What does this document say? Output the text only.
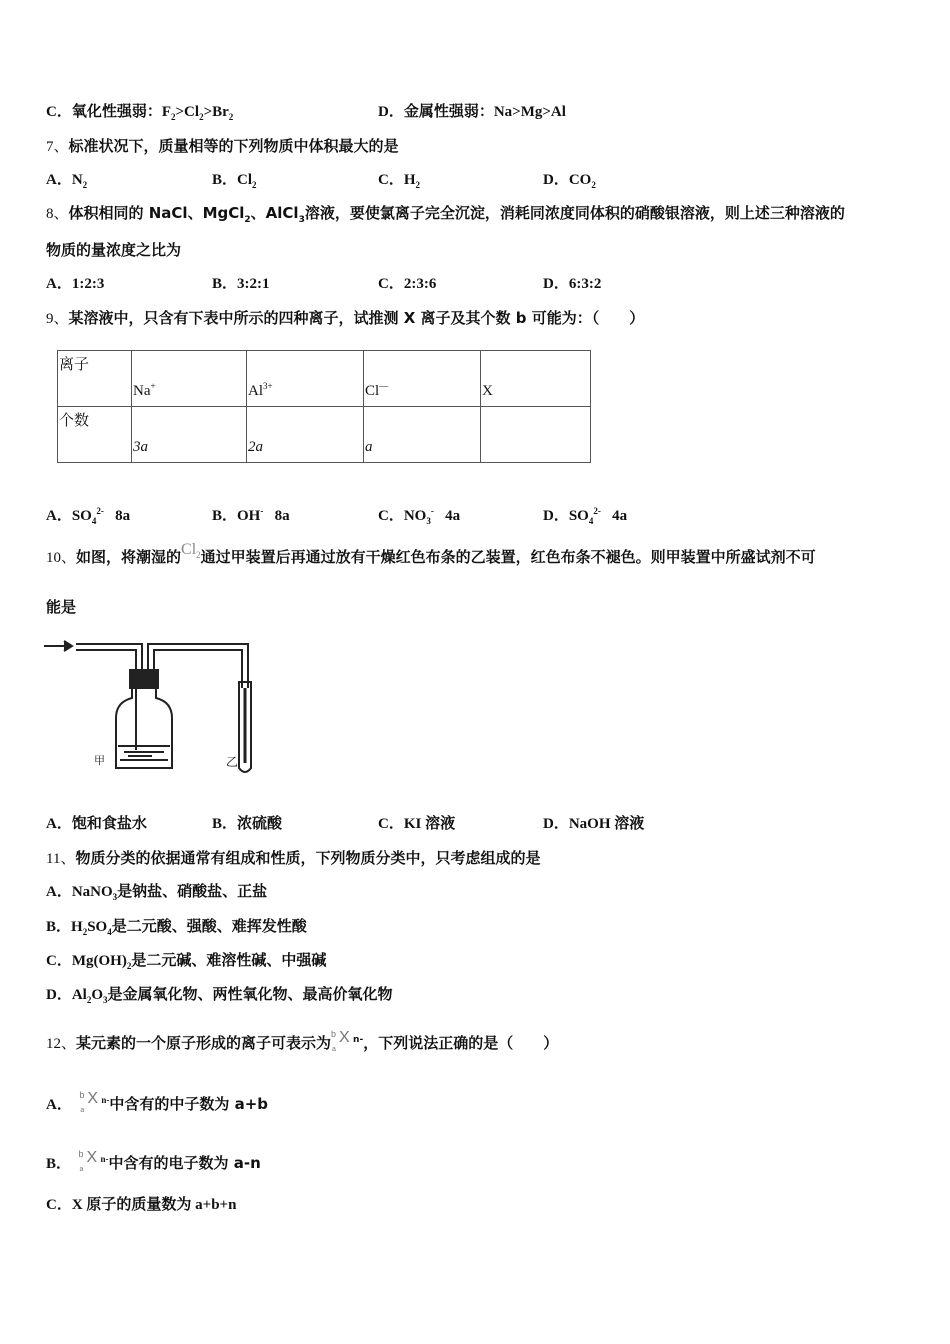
C．氧化性强弱：$F_2>Cl_2>Br_2$	D．金属性强弱：Na>Mg>Al
7、标准状况下，质量相等的下列物质中体积最大的是
A．$N_2$	B．$Cl_2$	C．$H_2$	D．$CO_2$
8、体积相同的 NaCl、MgCl$_2$、AlCl$_3$溶液，要使氯离子完全沉淀，消耗同浓度同体积的硝酸银溶液，则上述三种溶液的
物质的量浓度之比为
A．1:2:3	B．3:2:1	C．2:3:6	D．6:3:2
9、某溶液中，只含有下表中所示的四种离子，试推测 X 离子及其个数 b 可能为：（　　）
离子	Na+	$Al^{3+}$	Cl—	X

个数	3a	2a	a	

A．$SO_4^{2-}$ 8a	B．OH- 8a	C．$NO_3^-$ 4a	D．$SO_4^{2-}$ 4a
10、如图，将潮湿的$Cl_2$通过甲装置后再通过放有干燥红色布条的乙装置，红色布条不褪色。则甲装置中所盛试剂不可
能是
甲	乙
A．饱和食盐水	B．浓硫酸	C．KI 溶液	D．NaOH 溶液
11、物质分类的依据通常有组成和性质，下列物质分类中，只考虑组成的是
A．NaNO$_3$是钠盐、硝酸盐、正盐
B．$H_2SO_4$是二元酸、强酸、难挥发性酸
C．$Mg(OH)_2$是二元碱、难溶性碱、中强碱
D．$Al_2O_3$是金属氧化物、两性氧化物、最高价氧化物
12、某元素的一个原子形成的离子可表示为 b
a
X $^{n-}$，下列说法正确的是（　　）
A．
b
a
X $^{n-}$中含有的中子数为 a+b
B．
b
a
X $^{n-}$中含有的电子数为 a-n
C．X 原子的质量数为 a+b+n
